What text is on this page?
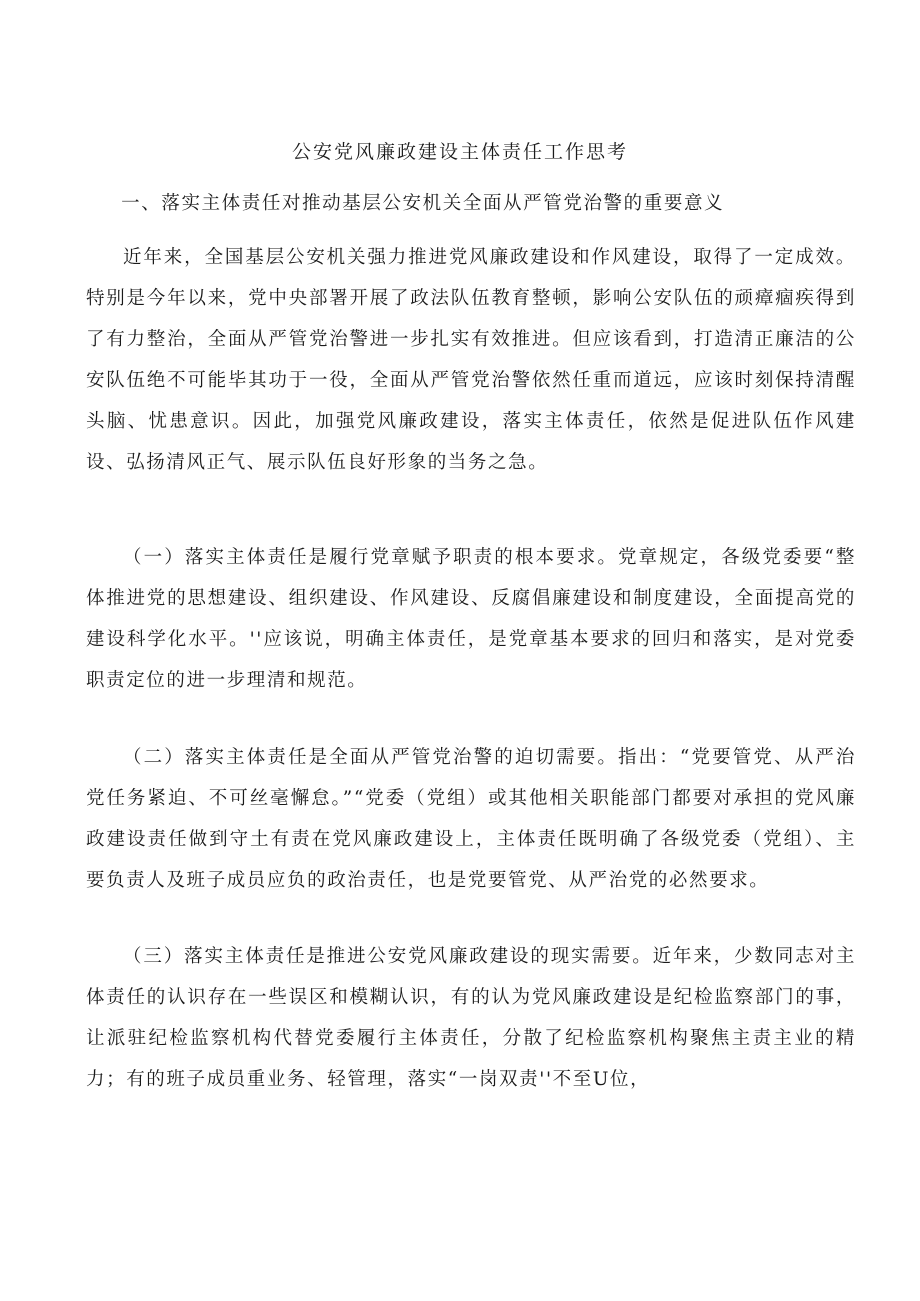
公安党风廉政建设主体责任工作思考

一、落实主体责任对推动基层公安机关全面从严管党治警的重要意义

近年来，全国基层公安机关强力推进党风廉政建设和作风建设，取得了一定成效。特别是今年以来，党中央部署开展了政法队伍教育整顿，影响公安队伍的顽瘴痼疾得到了有力整治，全面从严管党治警进一步扎实有效推进。但应该看到，打造清正廉洁的公安队伍绝不可能毕其功于一役，全面从严管党治警依然任重而道远，应该时刻保持清醒头脑、忧患意识。因此，加强党风廉政建设，落实主体责任，依然是促进队伍作风建设、弘扬清风正气、展示队伍良好形象的当务之急。

（一）落实主体责任是履行党章赋予职责的根本要求。党章规定，各级党委要“整体推进党的思想建设、组织建设、作风建设、反腐倡廉建设和制度建设，全面提高党的建设科学化水平。''应该说，明确主体责任，是党章基本要求的回归和落实，是对党委职责定位的进一步理清和规范。

（二）落实主体责任是全面从严管党治警的迫切需要。指出：“党要管党、从严治党任务紧迫、不可丝毫懈怠。”“党委（党组）或其他相关职能部门都要对承担的党风廉政建设责任做到守土有责在党风廉政建设上，主体责任既明确了各级党委（党组）、主要负责人及班子成员应负的政治责任，也是党要管党、从严治党的必然要求。

（三）落实主体责任是推进公安党风廉政建设的现实需要。近年来，少数同志对主体责任的认识存在一些误区和模糊认识，有的认为党风廉政建设是纪检监察部门的事，让派驻纪检监察机构代替党委履行主体责任，分散了纪检监察机构聚焦主责主业的精力；有的班子成员重业务、轻管理，落实“一岗双责''不至U位，
